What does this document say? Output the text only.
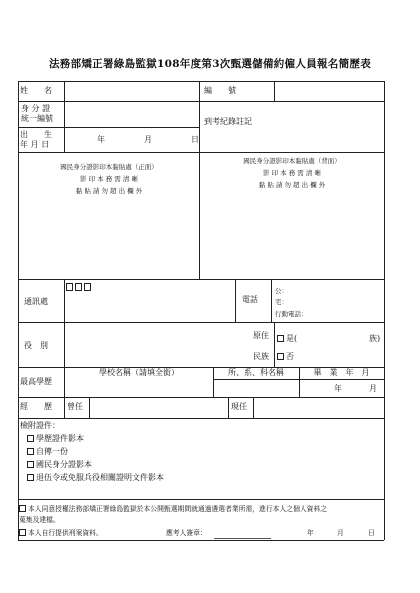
法務部矯正署綠島監獄108年度第3次甄選儲備約僱人員報名簡歷表
姓　　名	編　　號
身 分 證
統一編號	到考紀錄註記
出　　生
年 月 日
年	月	日
國民身分證影印本黏貼處（正面）
影 印 本 務 需 清 晰
黏 貼 請 勿 超 出 欄 外
國民身分證影印本黏貼處（背面）
影 印 本 務 需 清 晰
黏 貼 請 勿 超 出 欄 外
通訊處	電話
公：
宅：
行動電話：
役　別
原住
民族
是(	族)
否
最高學歷
學校名稱（請填全銜）	所、系、科名稱	畢　業　年　月
年	月
經　　歷 曾任	現任
檢附證件：
學歷證件影本
自傳一份
國民身分證影本
退伍令或免服兵役相關證明文件影本
本人同意授權法務部矯正署綠島監獄於本公開甄選期間就通過遴選者業所需，進行本人之個人資料之
蒐集及建檔。
本人自行提供刑案資料。	應考人簽章：	年	月	日
